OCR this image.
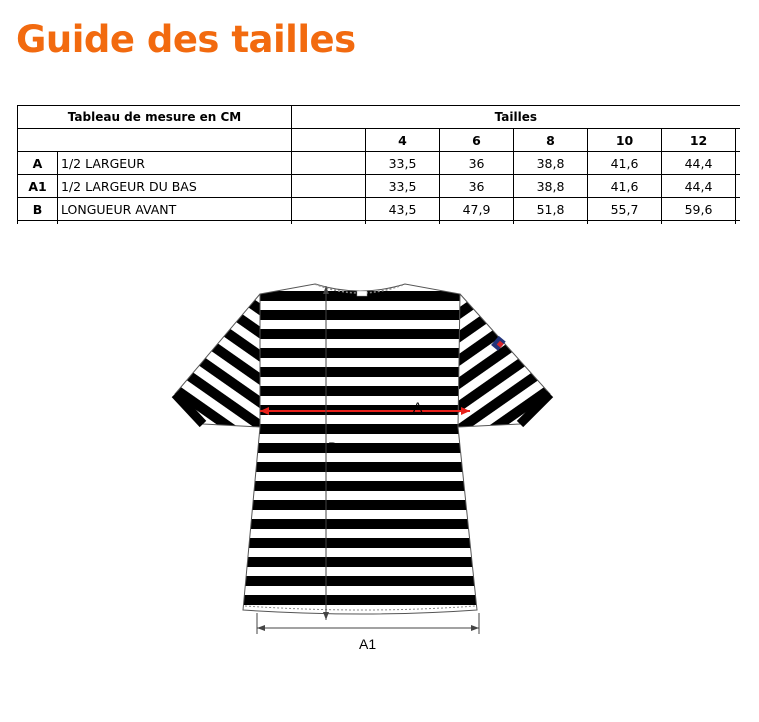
Guide des tailles
Tableau de mesure en CM		Tailles						
			4	6	8	10	12	
A	1/2 LARGEUR		33,5	36	38,8	41,6	44,4	
A1	1/2 LARGEUR DU BAS		33,5	36	38,8	41,6	44,4	
B	LONGUEUR AVANT		43,5	47,9	51,8	55,7	59,6	

A
B
A1
